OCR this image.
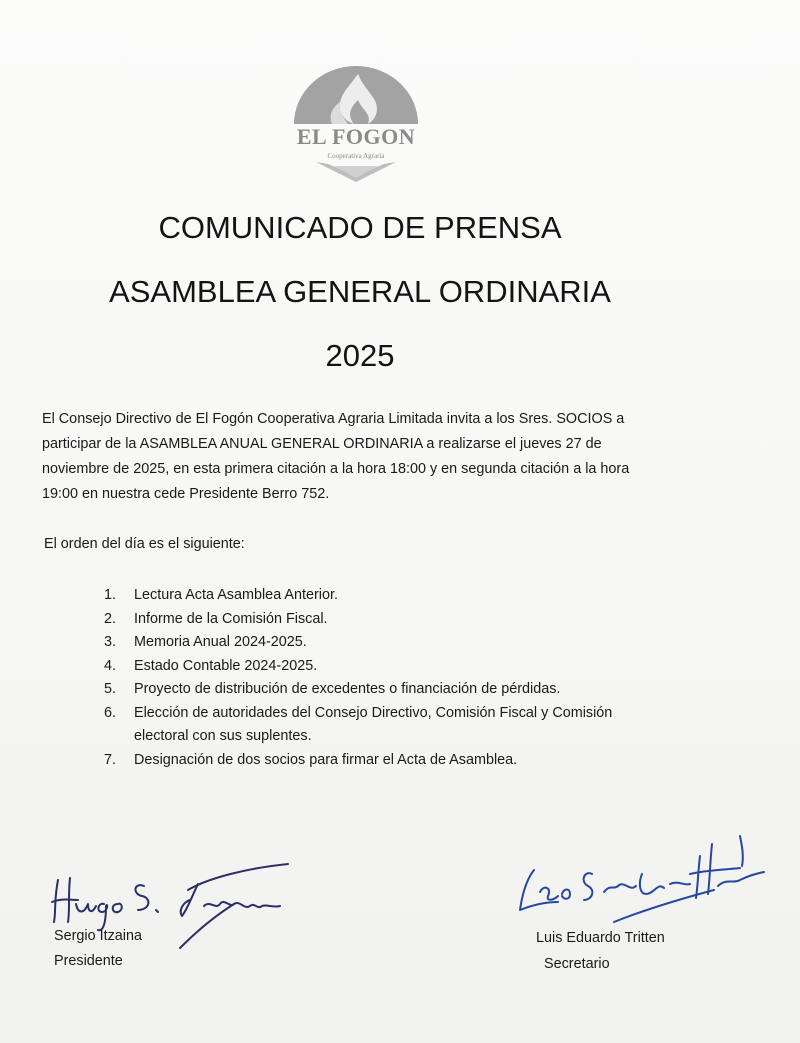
EL FOGON
Cooperativa Agraria
COMUNICADO DE PRENSA
ASAMBLEA GENERAL ORDINARIA
2025
El Consejo Directivo de El Fogón Cooperativa Agraria Limitada invita a los Sres. SOCIOS a
participar de la ASAMBLEA ANUAL GENERAL ORDINARIA a realizarse el jueves 27 de
noviembre de 2025, en esta primera citación a la hora 18:00 y en segunda citación a la hora
19:00 en nuestra cede Presidente Berro 752.
El orden del día es el siguiente:
1. Lectura Acta Asamblea Anterior.
2. Informe de la Comisión Fiscal.
3. Memoria Anual 2024-2025.
4. Estado Contable 2024-2025.
5. Proyecto de distribución de excedentes o financiación de pérdidas.
6. Elección de autoridades del Consejo Directivo, Comisión Fiscal y Comisión
electoral con sus suplentes.
7. Designación de dos socios para firmar el Acta de Asamblea.
Sergio Itzaina
Presidente
Luis Eduardo Tritten
Secretario
